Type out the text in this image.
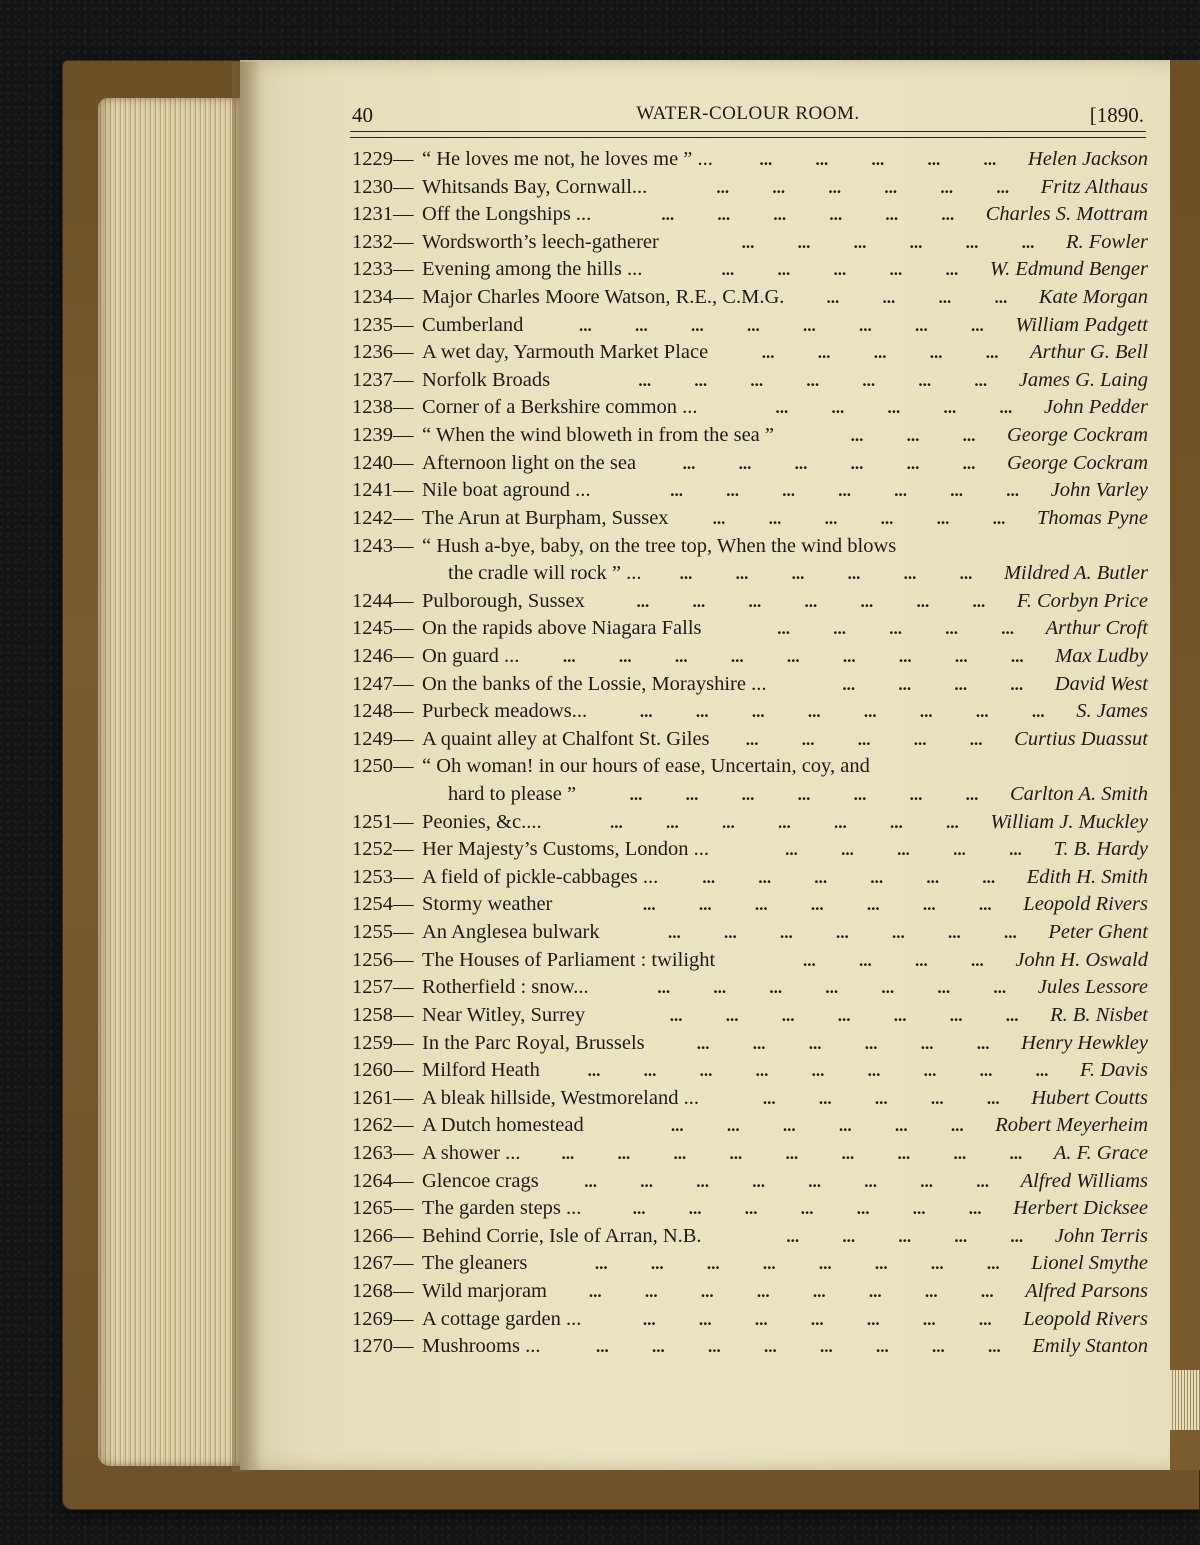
40	WATER-COLOUR ROOM.	[1890.
1229— “ He loves me not, he loves me ” ...	...	...	...	...	...	Helen Jackson
1230— Whitsands Bay, Cornwall...	...	...	...	...	...	...	Fritz Althaus
1231— Off the Longships ...	...	...	...	...	...	...	Charles S. Mottram
1232— Wordsworth’s leech-gatherer	...	...	...	...	...	...	R. Fowler
1233— Evening among the hills ...	...	...	...	...	...	W. Edmund Benger
1234— Major Charles Moore Watson, R.E., C.M.G.	...	...	...	...	Kate Morgan
1235— Cumberland	...	...	...	...	...	...	...	...	William Padgett
1236— A wet day, Yarmouth Market Place	...	...	...	...	...	Arthur G. Bell
1237— Norfolk Broads	...	...	...	...	...	...	...	James G. Laing
1238— Corner of a Berkshire common ...	...	...	...	...	...	John Pedder
1239— “ When the wind bloweth in from the sea ”	...	...	...	George Cockram
1240— Afternoon light on the sea	...	...	...	...	...	...	George Cockram
1241— Nile boat aground ...	...	...	...	...	...	...	...	John Varley
1242— The Arun at Burpham, Sussex	...	...	...	...	...	...	Thomas Pyne
1243— “ Hush a-bye, baby, on the tree top, When the wind blows
the cradle will rock ” ...	...	...	...	...	...	...	Mildred A. Butler
1244— Pulborough, Sussex	...	...	...	...	...	...	...	F. Corbyn Price
1245— On the rapids above Niagara Falls	...	...	...	...	...	Arthur Croft
1246— On guard ...	...	...	...	...	...	...	...	...	...	Max Ludby
1247— On the banks of the Lossie, Morayshire ...	...	...	...	...	David West
1248— Purbeck meadows...	...	...	...	...	...	...	...	...	S. James
1249— A quaint alley at Chalfont St. Giles	...	...	...	...	...	Curtius Duassut
1250— “ Oh woman! in our hours of ease, Uncertain, coy, and
hard to please ”	...	...	...	...	...	...	...	Carlton A. Smith
1251— Peonies, &c....	...	...	...	...	...	...	...	William J. Muckley
1252— Her Majesty’s Customs, London ...	...	...	...	...	...	T. B. Hardy
1253— A field of pickle-cabbages ...	...	...	...	...	...	...	Edith H. Smith
1254— Stormy weather	...	...	...	...	...	...	...	Leopold Rivers
1255— An Anglesea bulwark	...	...	...	...	...	...	...	Peter Ghent
1256— The Houses of Parliament : twilight	...	...	...	...	John H. Oswald
1257— Rotherfield : snow...	...	...	...	...	...	...	...	Jules Lessore
1258— Near Witley, Surrey	...	...	...	...	...	...	...	R. B. Nisbet
1259— In the Parc Royal, Brussels	...	...	...	...	...	...	Henry Hewkley
1260— Milford Heath	...	...	...	...	...	...	...	...	...	F. Davis
1261— A bleak hillside, Westmoreland ...	...	...	...	...	...	Hubert Coutts
1262— A Dutch homestead	...	...	...	...	...	...	Robert Meyerheim
1263— A shower ...	...	...	...	...	...	...	...	...	...	A. F. Grace
1264— Glencoe crags	...	...	...	...	...	...	...	...	Alfred Williams
1265— The garden steps ...	...	...	...	...	...	...	...	Herbert Dicksee
1266— Behind Corrie, Isle of Arran, N.B.	...	...	...	...	...	John Terris
1267— The gleaners	...	...	...	...	...	...	...	...	Lionel Smythe
1268— Wild marjoram	...	...	...	...	...	...	...	...	Alfred Parsons
1269— A cottage garden ...	...	...	...	...	...	...	...	Leopold Rivers
1270— Mushrooms ...	...	...	...	...	...	...	...	...	Emily Stanton
